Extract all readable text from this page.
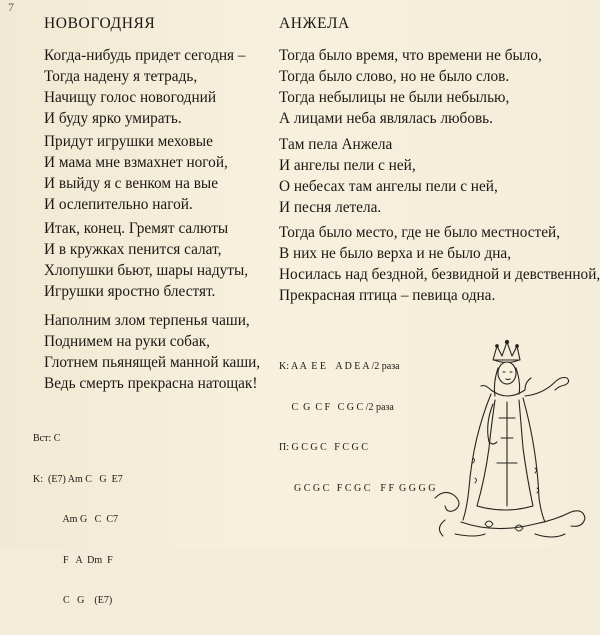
7
НОВОГОДНЯЯ
Когда-нибудь придет сегодня –
Тогда надену я тетрадь,
Начищу голос новогодний
И буду ярко умирать.
Придут игрушки меховые
И мама мне взмахнет ногой,
И выйду я с венком на вые
И ослепительно нагой.
Итак, конец. Гремят салюты
И в кружках пенится салат,
Хлопушки бьют, шары надуты,
Игрушки яростно блестят.
Наполним злом терпенья чаши,
Поднимем на руки собак,
Глотнем пьянящей манной каши,
Ведь смерть прекрасна натощак!

Вст: C

K:  (E7) Am C   G  E7

Am G   C  C7

F   A  Dm  F

C   G    (E7)

АНЖЕЛА
Тогда было время, что времени не было,
Тогда было слово, но не было слов.
Тогда небылицы не были небылью,
А лицами неба являлась любовь.
Там пела Анжела
И ангелы пели с ней,
О небесах там ангелы пели с ней,
И песня летела.
Тогда было место, где не было местностей,
В них не было верха и не было дна,
Носилась над бездной, безвидной и девственной,
Прекрасная птица – певица одна.

K: A A  E E    A D E A /2 раза

C  G  C F   C G C /2 раза

П: G C G C   F C G C

G C G C   F C G C    F F  G G G G
